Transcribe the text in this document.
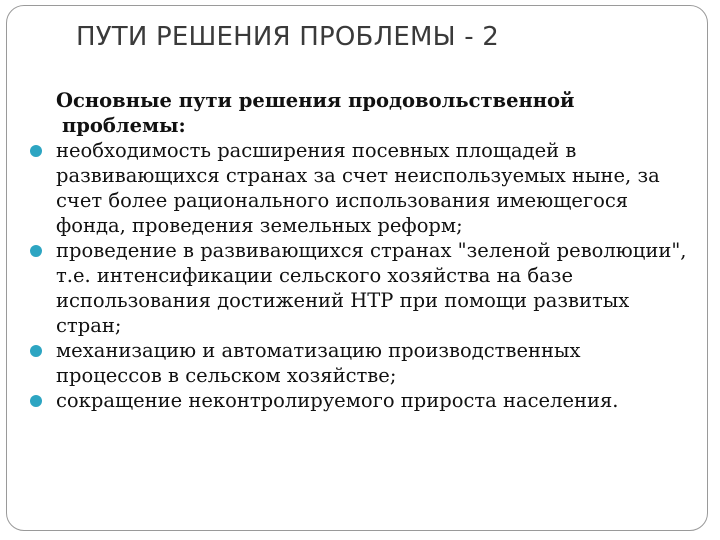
ПУТИ РЕШЕНИЯ ПРОБЛЕМЫ - 2

Основные пути решения продовольственной проблемы:

необходимость расширения посевных площадей в развивающихся странах за счет неиспользуемых ныне, за счет более рационального использования имеющегося фонда, проведения земельных реформ;
проведение в развивающихся странах "зеленой революции", т.е. интенсификации сельского хозяйства на базе использования достижений НТР при помощи развитых стран;
механизацию и автоматизацию производственных процессов в сельском хозяйстве;
сокращение неконтролируемого прироста населения.
